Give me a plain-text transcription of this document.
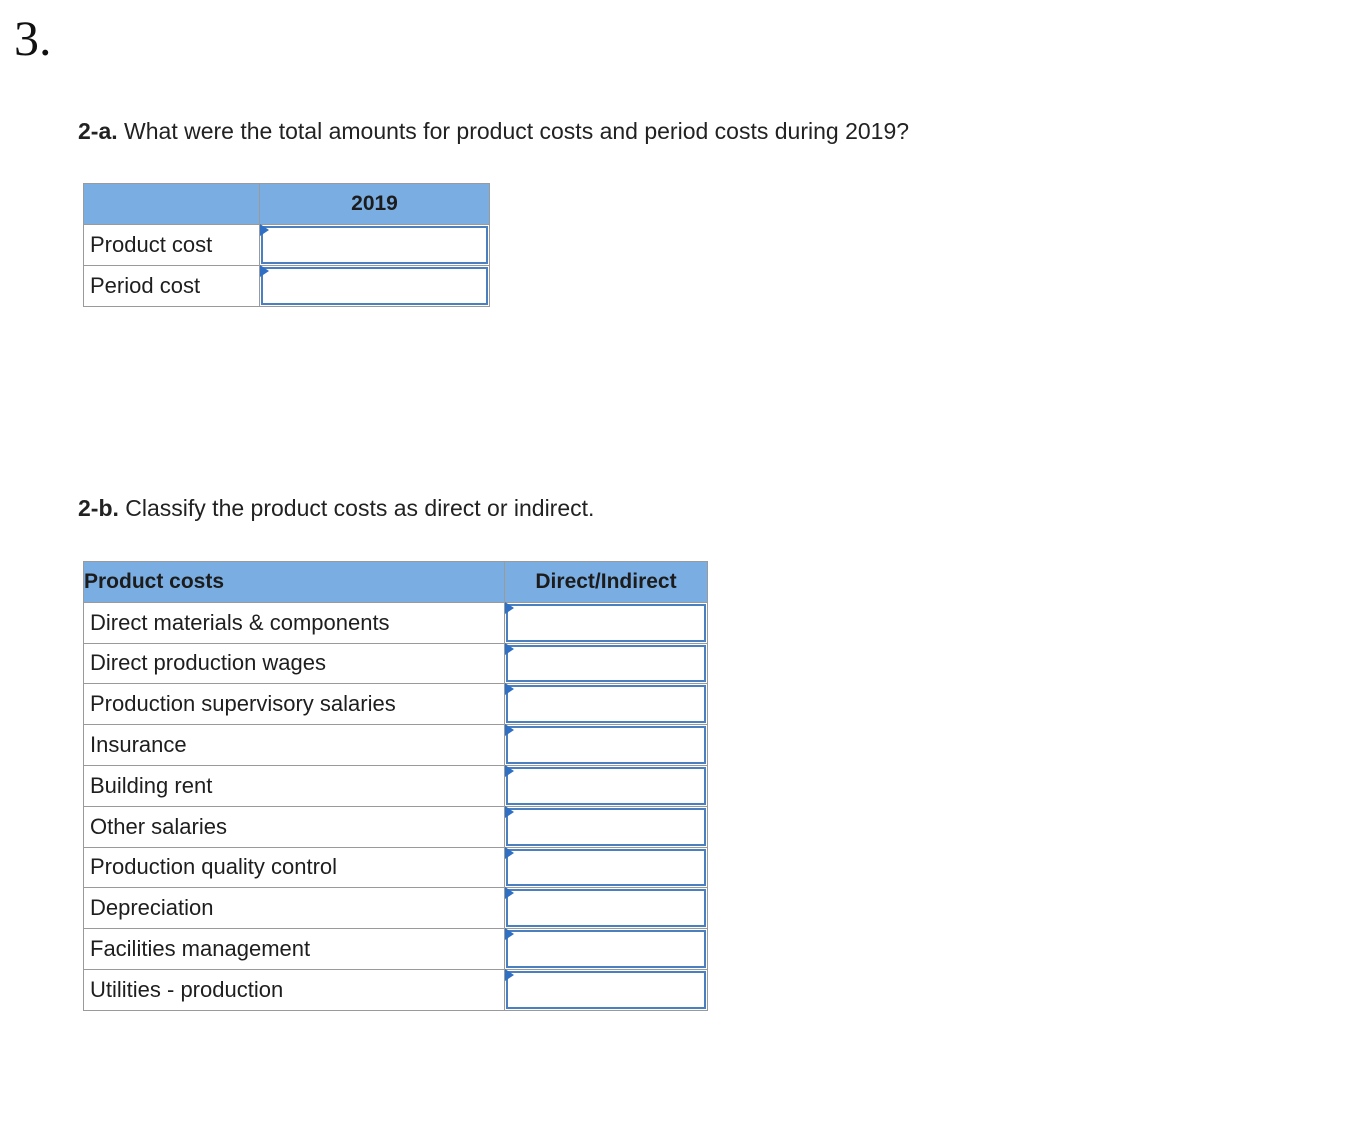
3.
2-a. What were the total amounts for product costs and period costs during 2019?
	2019
Product cost	

Period cost	
2-b. Classify the product costs as direct or indirect.
Product costs	Direct/Indirect
Direct materials & components	

Direct production wages	

Production supervisory salaries	

Insurance	

Building rent	

Other salaries	

Production quality control	

Depreciation	

Facilities management	

Utilities - production	
